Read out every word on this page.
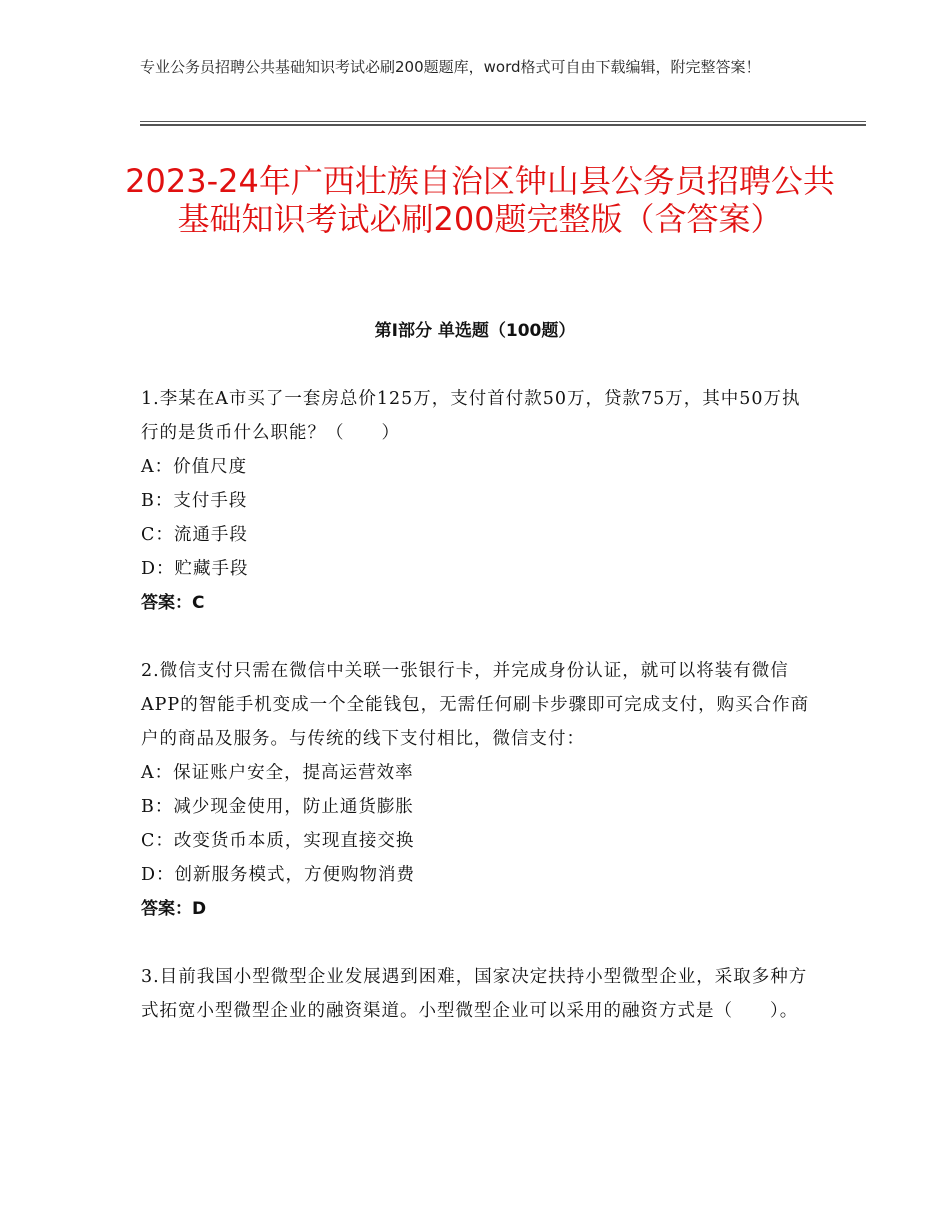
专业公务员招聘公共基础知识考试必刷200题题库，word格式可自由下载编辑，附完整答案！
2023-24年广西壮族自治区钟山县公务员招聘公共基础知识考试必刷200题完整版（含答案）
第Ⅰ部分 单选题（100题）

1.李某在A市买了一套房总价125万，支付首付款50万，贷款75万，其中50万执行的是货币什么职能？（　　）

A：价值尺度

B：支付手段

C：流通手段

D：贮藏手段

答案：C

2.微信支付只需在微信中关联一张银行卡，并完成身份认证，就可以将装有微信APP的智能手机变成一个全能钱包，无需任何刷卡步骤即可完成支付，购买合作商户的商品及服务。与传统的线下支付相比，微信支付：

A：保证账户安全，提高运营效率

B：减少现金使用，防止通货膨胀

C：改变货币本质，实现直接交换

D：创新服务模式，方便购物消费

答案：D

3.目前我国小型微型企业发展遇到困难，国家决定扶持小型微型企业，采取多种方式拓宽小型微型企业的融资渠道。小型微型企业可以采用的融资方式是（　　）。
